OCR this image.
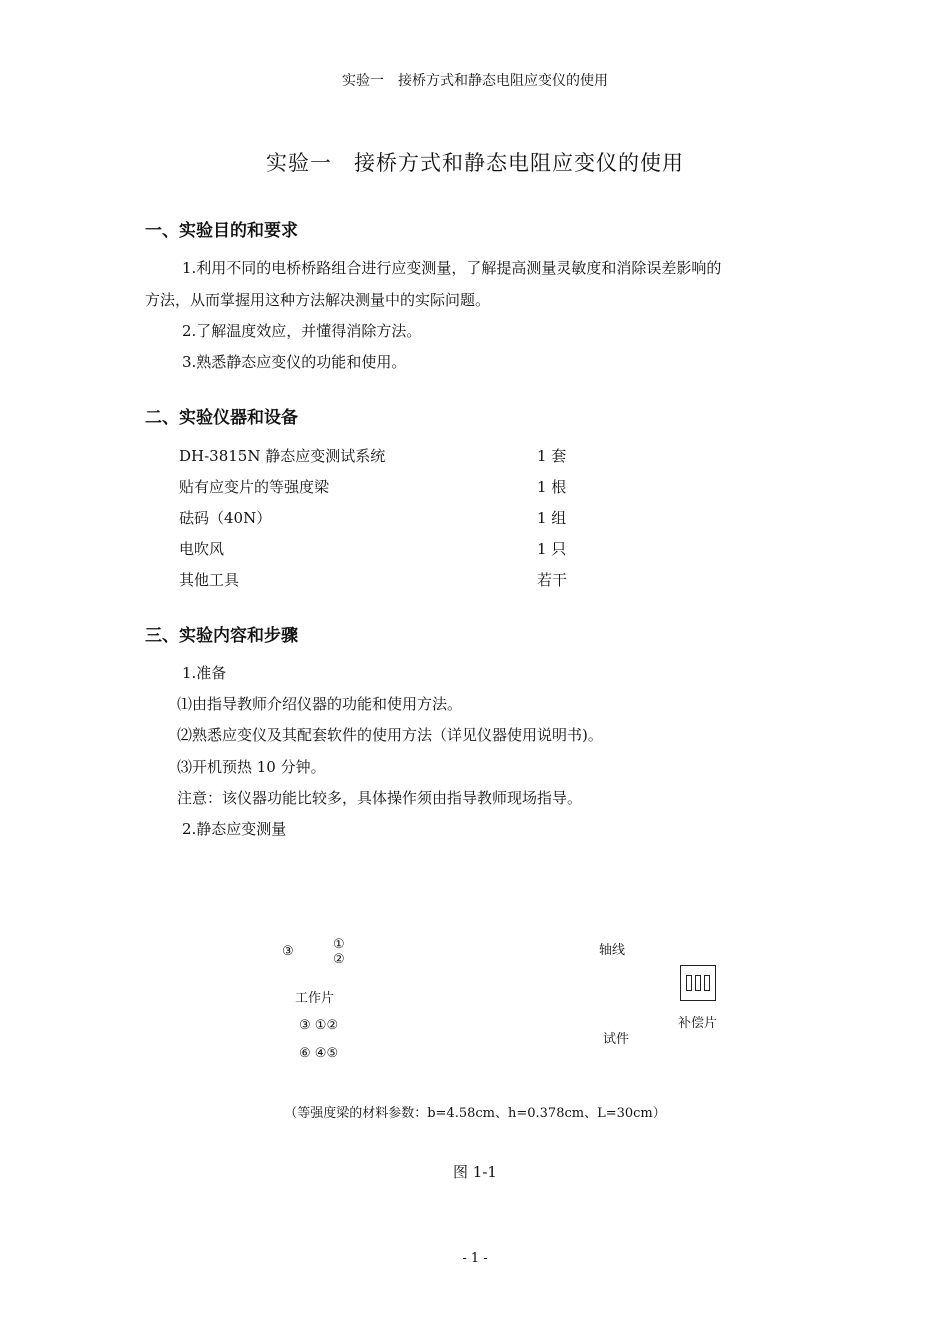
实验一　接桥方式和静态电阻应变仪的使用
实验一　接桥方式和静态电阻应变仪的使用
一、实验目的和要求
1.利用不同的电桥桥路组合进行应变测量，了解提高测量灵敏度和消除误差影响的
方法，从而掌握用这种方法解决测量中的实际问题。
2.了解温度效应，并懂得消除方法。
3.熟悉静态应变仪的功能和使用。
二、实验仪器和设备
DH-3815N 静态应变测试系统	1 套
贴有应变片的等强度梁	1 根
砝码（40N）	1 组
电吹风	1 只
其他工具	若干
三、实验内容和步骤
1.准备
⑴由指导教师介绍仪器的功能和使用方法。
⑵熟悉应变仪及其配套软件的使用方法（详见仪器使用说明书)。
⑶开机预热 10 分钟。
注意：该仪器功能比较多，具体操作须由指导教师现场指导。
2.静态应变测量
③	①
②
工作片
③ ①②
⑥ ④⑤
轴线
试件
补偿片
（等强度梁的材料参数：b=4.58cm、h=0.378cm、L=30cm）
图 1-1
- 1 -
